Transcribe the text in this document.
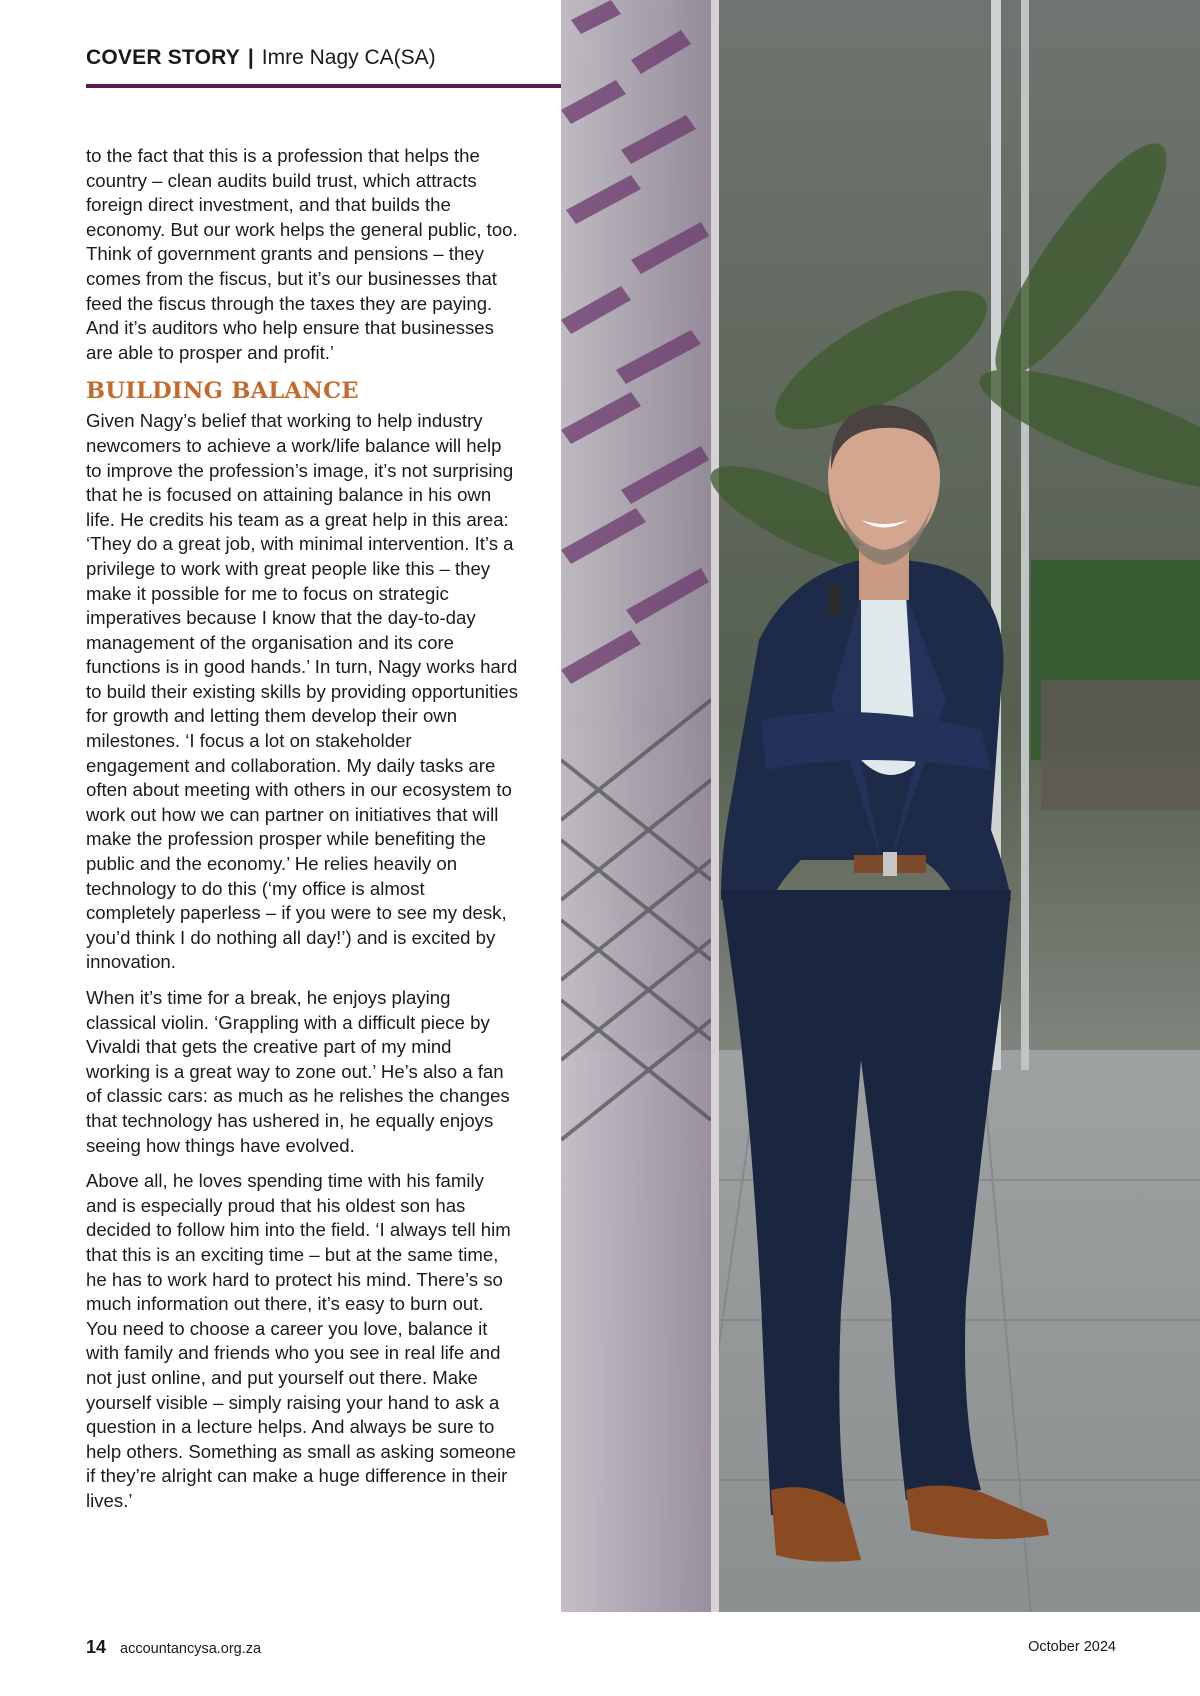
COVER STORY | Imre Nagy CA(SA)

to the fact that this is a profession that helps the country – clean audits build trust, which attracts foreign direct investment, and that builds the economy. But our work helps the general public, too. Think of government grants and pensions – they comes from the fiscus, but it’s our businesses that feed the fiscus through the taxes they are paying. And it’s auditors who help ensure that businesses are able to prosper and profit.’

BUILDING BALANCE

Given Nagy’s belief that working to help industry newcomers to achieve a work/life balance will help to improve the profession’s image, it’s not surprising that he is focused on attaining balance in his own life. He credits his team as a great help in this area: ‘They do a great job, with minimal intervention. It’s a privilege to work with great people like this – they make it possible for me to focus on strategic imperatives because I know that the day-to-day management of the organisation and its core functions is in good hands.’ In turn, Nagy works hard to build their existing skills by providing opportunities for growth and letting them develop their own milestones. ‘I focus a lot on stakeholder engagement and collaboration. My daily tasks are often about meeting with others in our ecosystem to work out how we can partner on initiatives that will make the profession prosper while benefiting the public and the economy.’ He relies heavily on technology to do this (‘my office is almost completely paperless – if you were to see my desk, you’d think I do nothing all day!’) and is excited by innovation.

When it’s time for a break, he enjoys playing classical violin. ‘Grappling with a difficult piece by Vivaldi that gets the creative part of my mind working is a great way to zone out.’ He’s also a fan of classic cars: as much as he relishes the changes that technology has ushered in, he equally enjoys seeing how things have evolved.

Above all, he loves spending time with his family and is especially proud that his oldest son has decided to follow him into the field. ‘I always tell him that this is an exciting time – but at the same time, he has to work hard to protect his mind. There’s so much information out there, it’s easy to burn out. You need to choose a career you love, balance it with family and friends who you see in real life and not just online, and put yourself out there. Make yourself visible – simply raising your hand to ask a question in a lecture helps. And always be sure to help others. Something as small as asking someone if they’re alright can make a huge difference in their lives.’

14 accountancysa.org.za	October 2024
